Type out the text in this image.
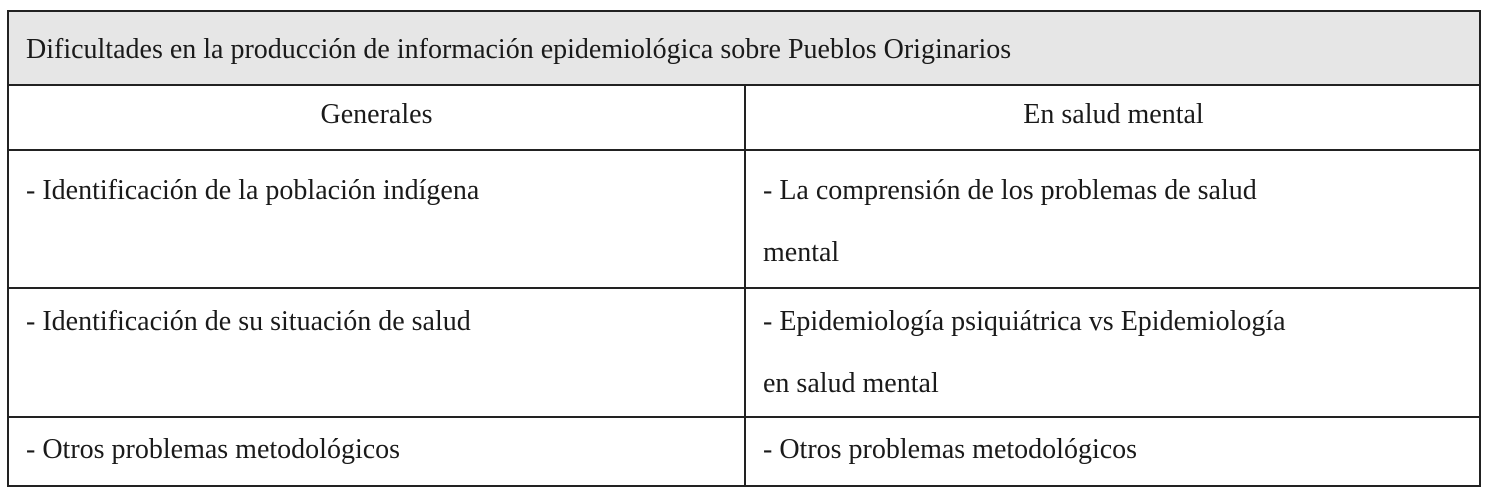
Dificultades en la producción de información epidemiológica sobre Pueblos Originarios
Generales	En salud mental
- Identificación de la población indígena	- La comprensión de los problemas de salud
mental
- Identificación de su situación de salud	- Epidemiología psiquiátrica vs Epidemiología
en salud mental
- Otros problemas metodológicos	- Otros problemas metodológicos
